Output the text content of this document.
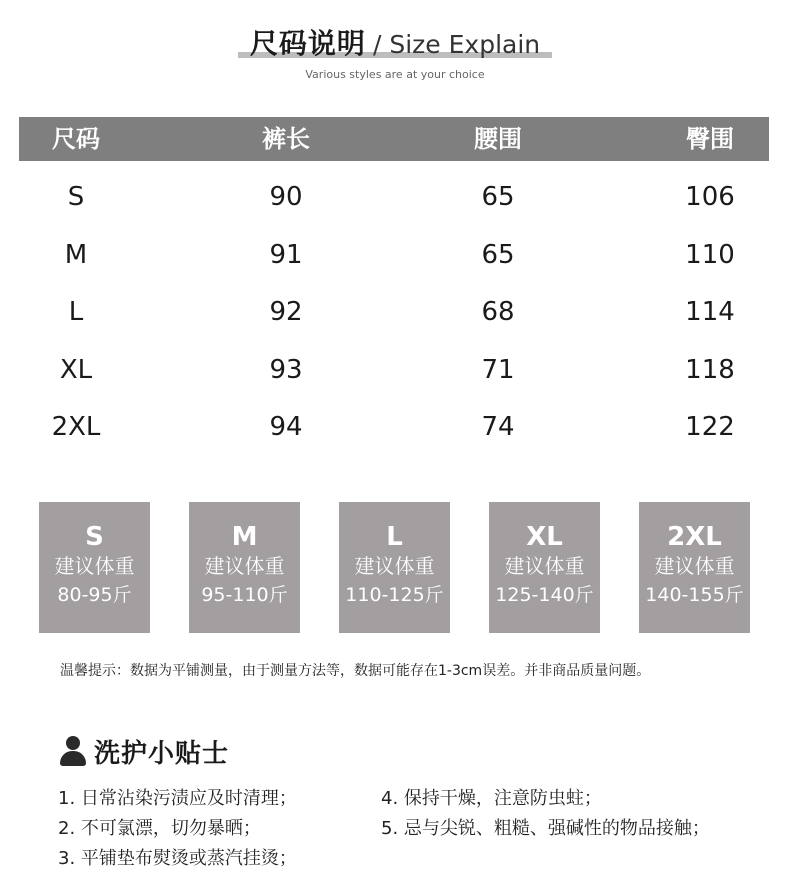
尺码说明 / Size Explain
Various styles are at your choice
尺码	裤长	腰围	臀围
S	90	65	106
M	91	65	110
L	92	68	114
XL	93	71	118
2XL	94	74	122
S
建议体重
80-95斤
M
建议体重
95-110斤
L
建议体重
110-125斤
XL
建议体重
125-140斤
2XL
建议体重
140-155斤
温馨提示：数据为平铺测量，由于测量方法等，数据可能存在1-3cm误差。并非商品质量问题。
洗护小贴士
1. 日常沾染污渍应及时清理；
2. 不可氯漂，切勿暴晒；
3. 平铺垫布熨烫或蒸汽挂烫；
4. 保持干燥，注意防虫蛀；
5. 忌与尖锐、粗糙、强碱性的物品接触；
